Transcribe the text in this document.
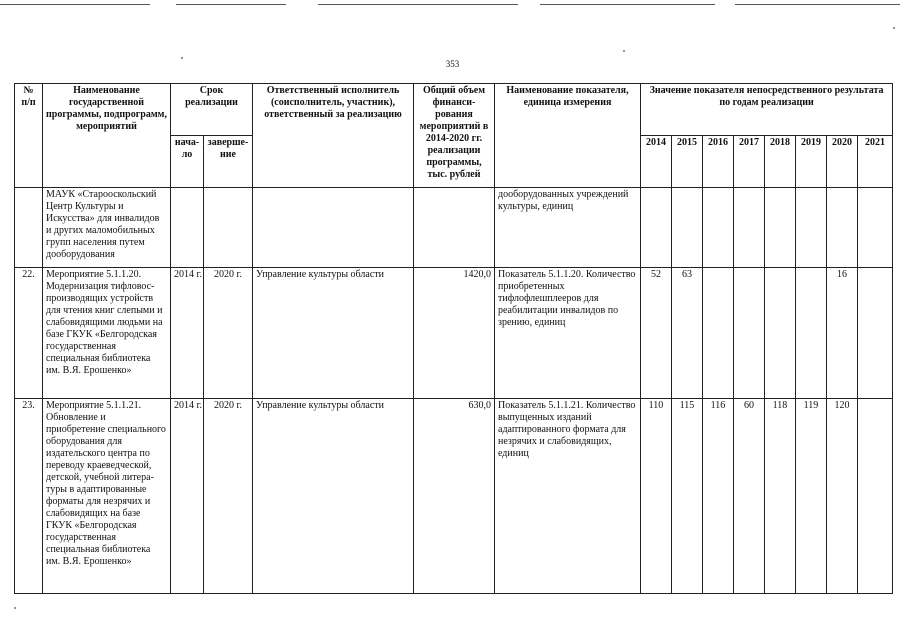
353
№ п/п	Наименование государственной программы, подпрограмм, мероприятий	Срок реализации		Ответственный исполнитель (соисполнитель, участник), ответственный за реализацию	Общий объем финанси-рования мероприятий в 2014-2020 гг. реализации программы, тыс. рублей	Наименование показателя, единица измерения	Значение показателя непосредственного результата по годам реализации							
		нача-ло	заверше-ние				2014	2015	2016	2017	2018	2019	2020	2021
	МАУК «Старооскольский Центр Культуры и Искусства» для инвалидов и других маломобильных групп населения путем дооборудования					дооборудованных учреждений культуры, единиц								
22.	Мероприятие 5.1.1.20. Модернизация тифловос-производящих устройств для чтения книг слепыми и слабовидящими людьми на базе ГКУК «Белгородская государственная специальная библиотека им. В.Я. Ерошенко»	2014 г.	2020 г.	Управление культуры области	1420,0	Показатель 5.1.1.20. Количество приобретенных тифлофлешплееров для реабилитации инвалидов по зрению, единиц	52	63					16	
23.	Мероприятие 5.1.1.21. Обновление и приобретение специального оборудования для издательского центра по переводу краеведческой, детской, учебной литера-туры в адаптированные форматы для незрячих и слабовидящих на базе ГКУК «Белгородская государственная специальная библиотека им. В.Я. Ерошенко»	2014 г.	2020 г.	Управление культуры области	630,0	Показатель 5.1.1.21. Количество выпущенных изданий адаптированного формата для незрячих и слабовидящих, единиц	110	115	116	60	118	119	120	
